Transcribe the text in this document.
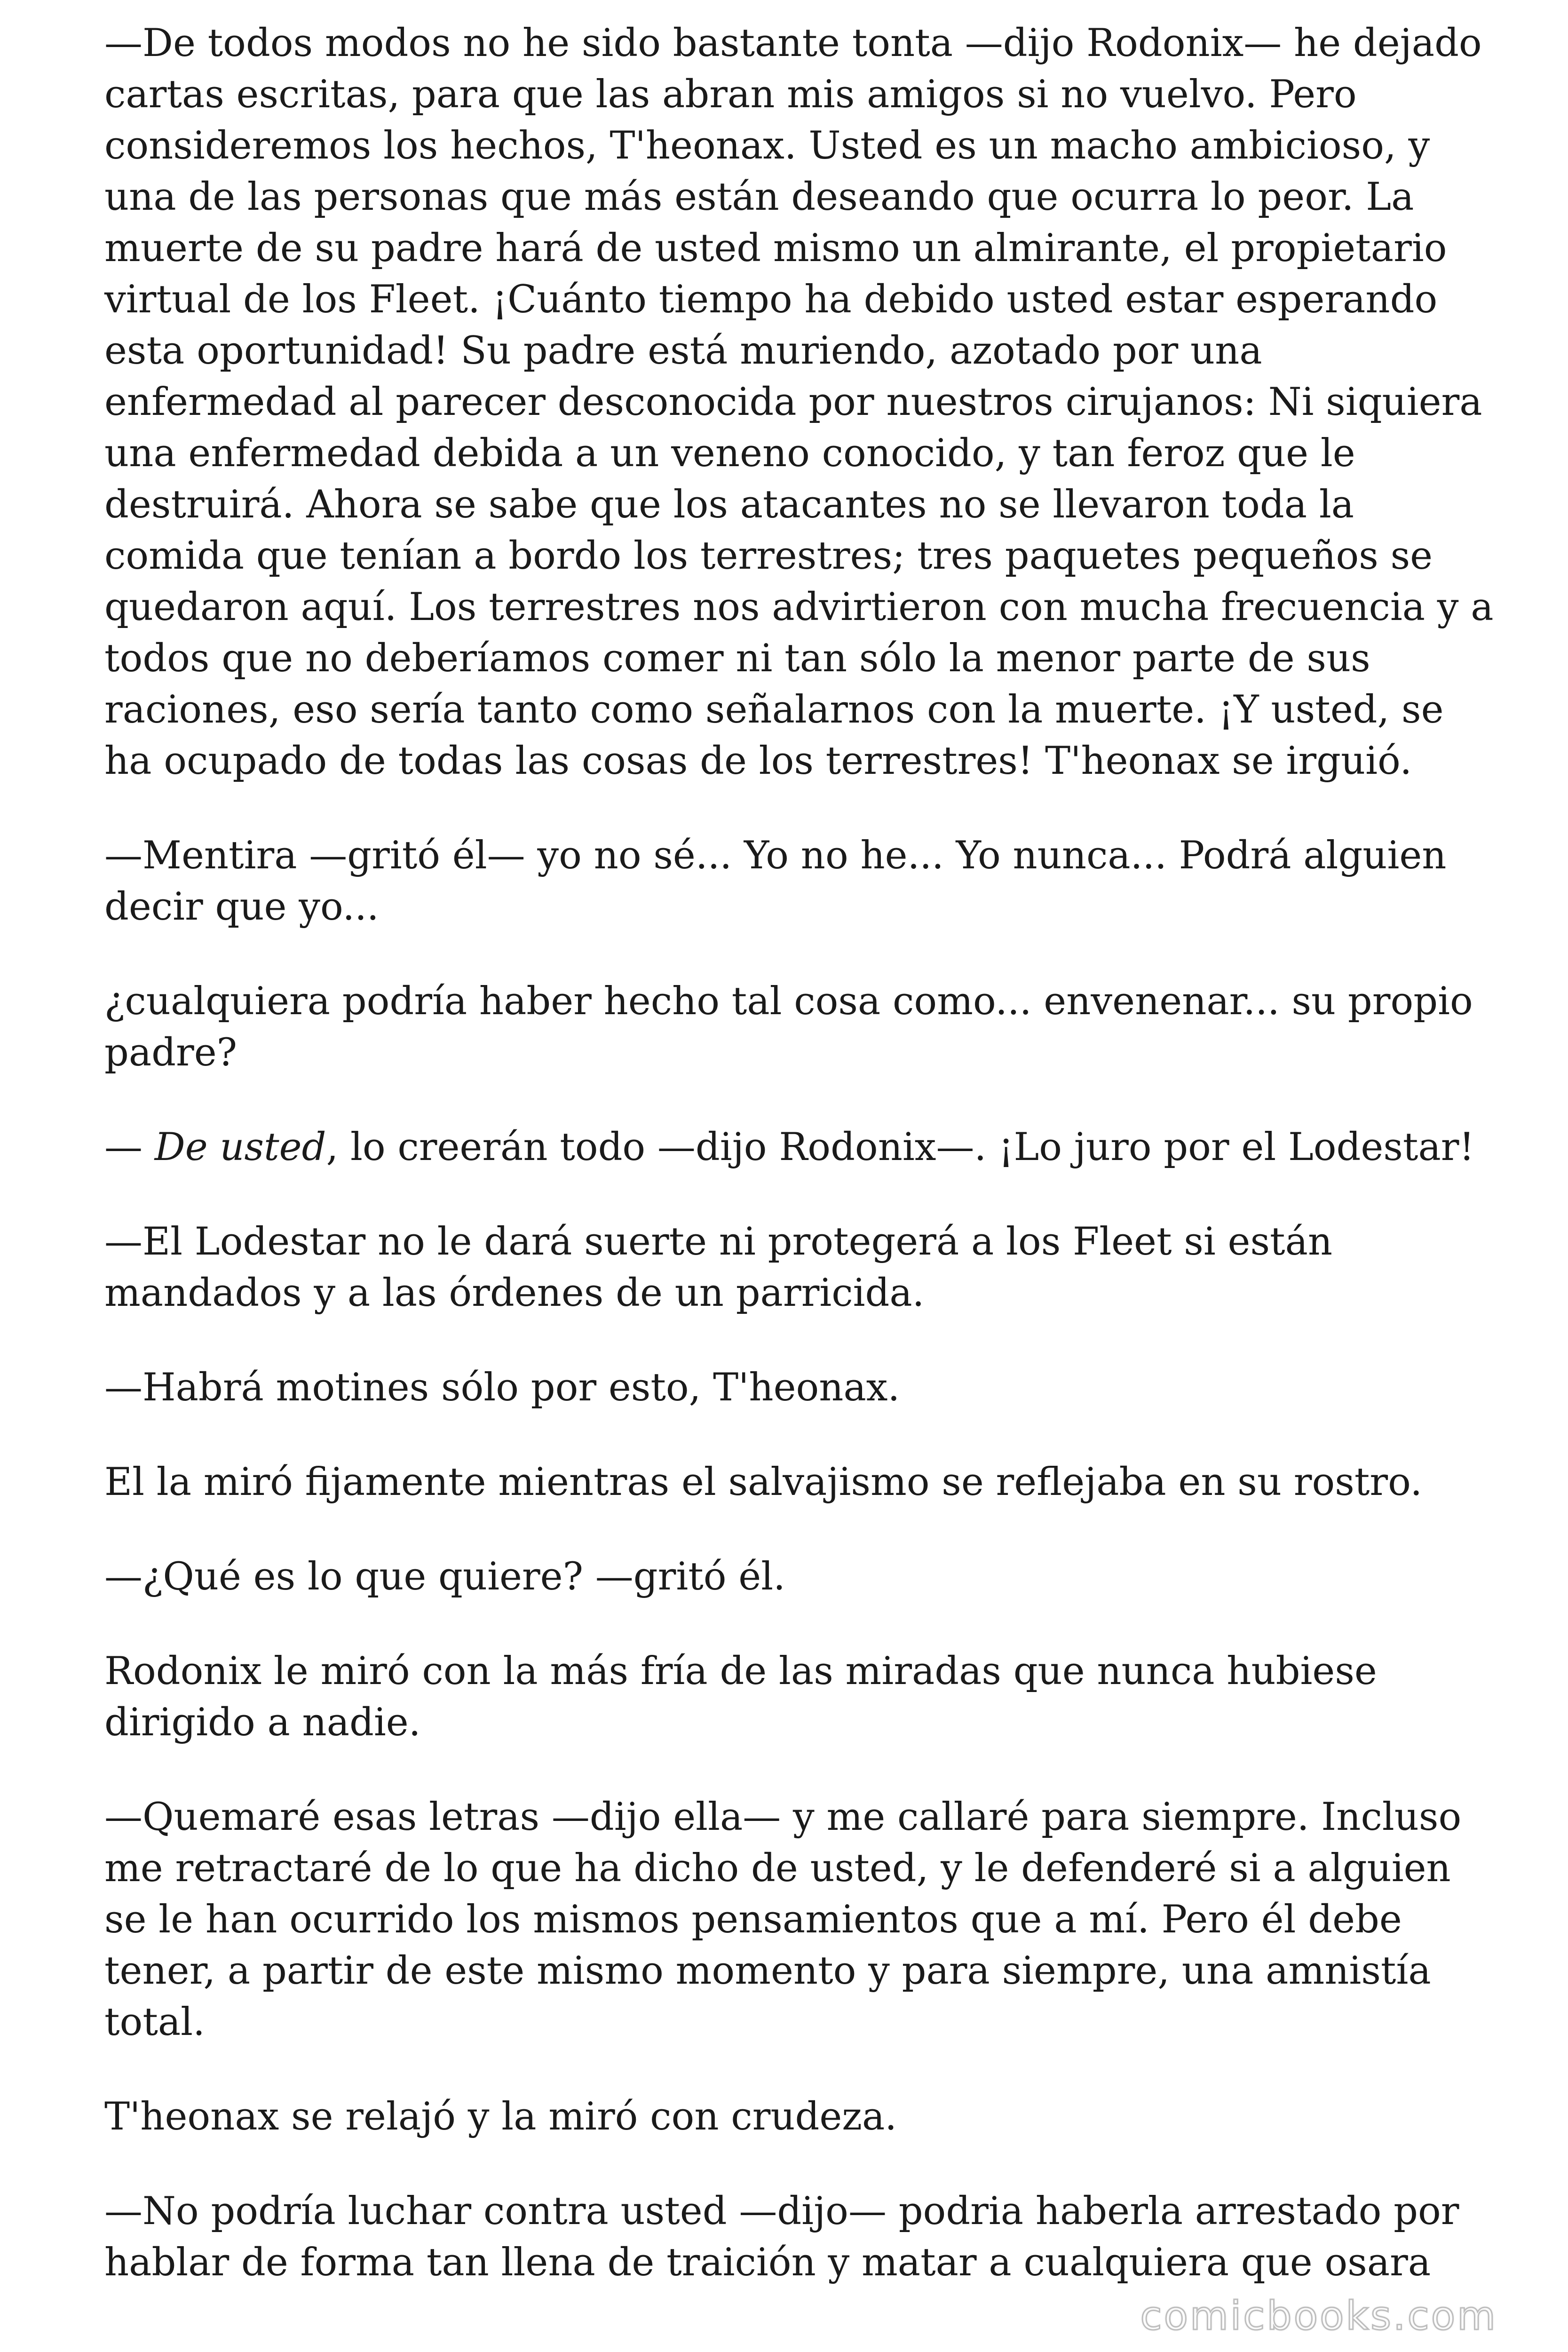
—De todos modos no he sido bastante tonta —dijo Rodonix— he dejado cartas escritas, para que las abran mis amigos si no vuelvo. Pero consideremos los hechos, T'heonax. Usted es un macho ambicioso, y una de las personas que más están deseando que ocurra lo peor. La muerte de su padre hará de usted mismo un almirante, el propietario virtual de los Fleet. ¡Cuánto tiempo ha debido usted estar esperando esta oportunidad! Su padre está muriendo, azotado por una enfermedad al parecer desconocida por nuestros cirujanos: Ni siquiera una enfermedad debida a un veneno conocido, y tan feroz que le destruirá. Ahora se sabe que los atacantes no se llevaron toda la comida que tenían a bordo los terrestres; tres paquetes pequeños se quedaron aquí. Los terrestres nos advirtieron con mucha frecuencia y a todos que no deberíamos comer ni tan sólo la menor parte de sus raciones, eso sería tanto como señalarnos con la muerte. ¡Y usted, se ha ocupado de todas las cosas de los terrestres! T'heonax se irguió.

—Mentira —gritó él— yo no sé... Yo no he... Yo nunca... Podrá alguien decir que yo...

¿cualquiera podría haber hecho tal cosa como... envenenar... su propio padre?

— De usted, lo creerán todo —dijo Rodonix—. ¡Lo juro por el Lodestar!

—El Lodestar no le dará suerte ni protegerá a los Fleet si están mandados y a las órdenes de un parricida.

—Habrá motines sólo por esto, T'heonax.

El la miró fijamente mientras el salvajismo se reflejaba en su rostro.

—¿Qué es lo que quiere? —gritó él.

Rodonix le miró con la más fría de las miradas que nunca hubiese dirigido a nadie.

—Quemaré esas letras —dijo ella— y me callaré para siempre. Incluso me retractaré de lo que ha dicho de usted, y le defenderé si a alguien se le han ocurrido los mismos pensamientos que a mí. Pero él debe tener, a partir de este mismo momento y para siempre, una amnistía total.

T'heonax se relajó y la miró con crudeza.

—No podría luchar contra usted —dijo— podria haberla arrestado por hablar de forma tan llena de traición y matar a cualquiera que osara

comicbooks.com
